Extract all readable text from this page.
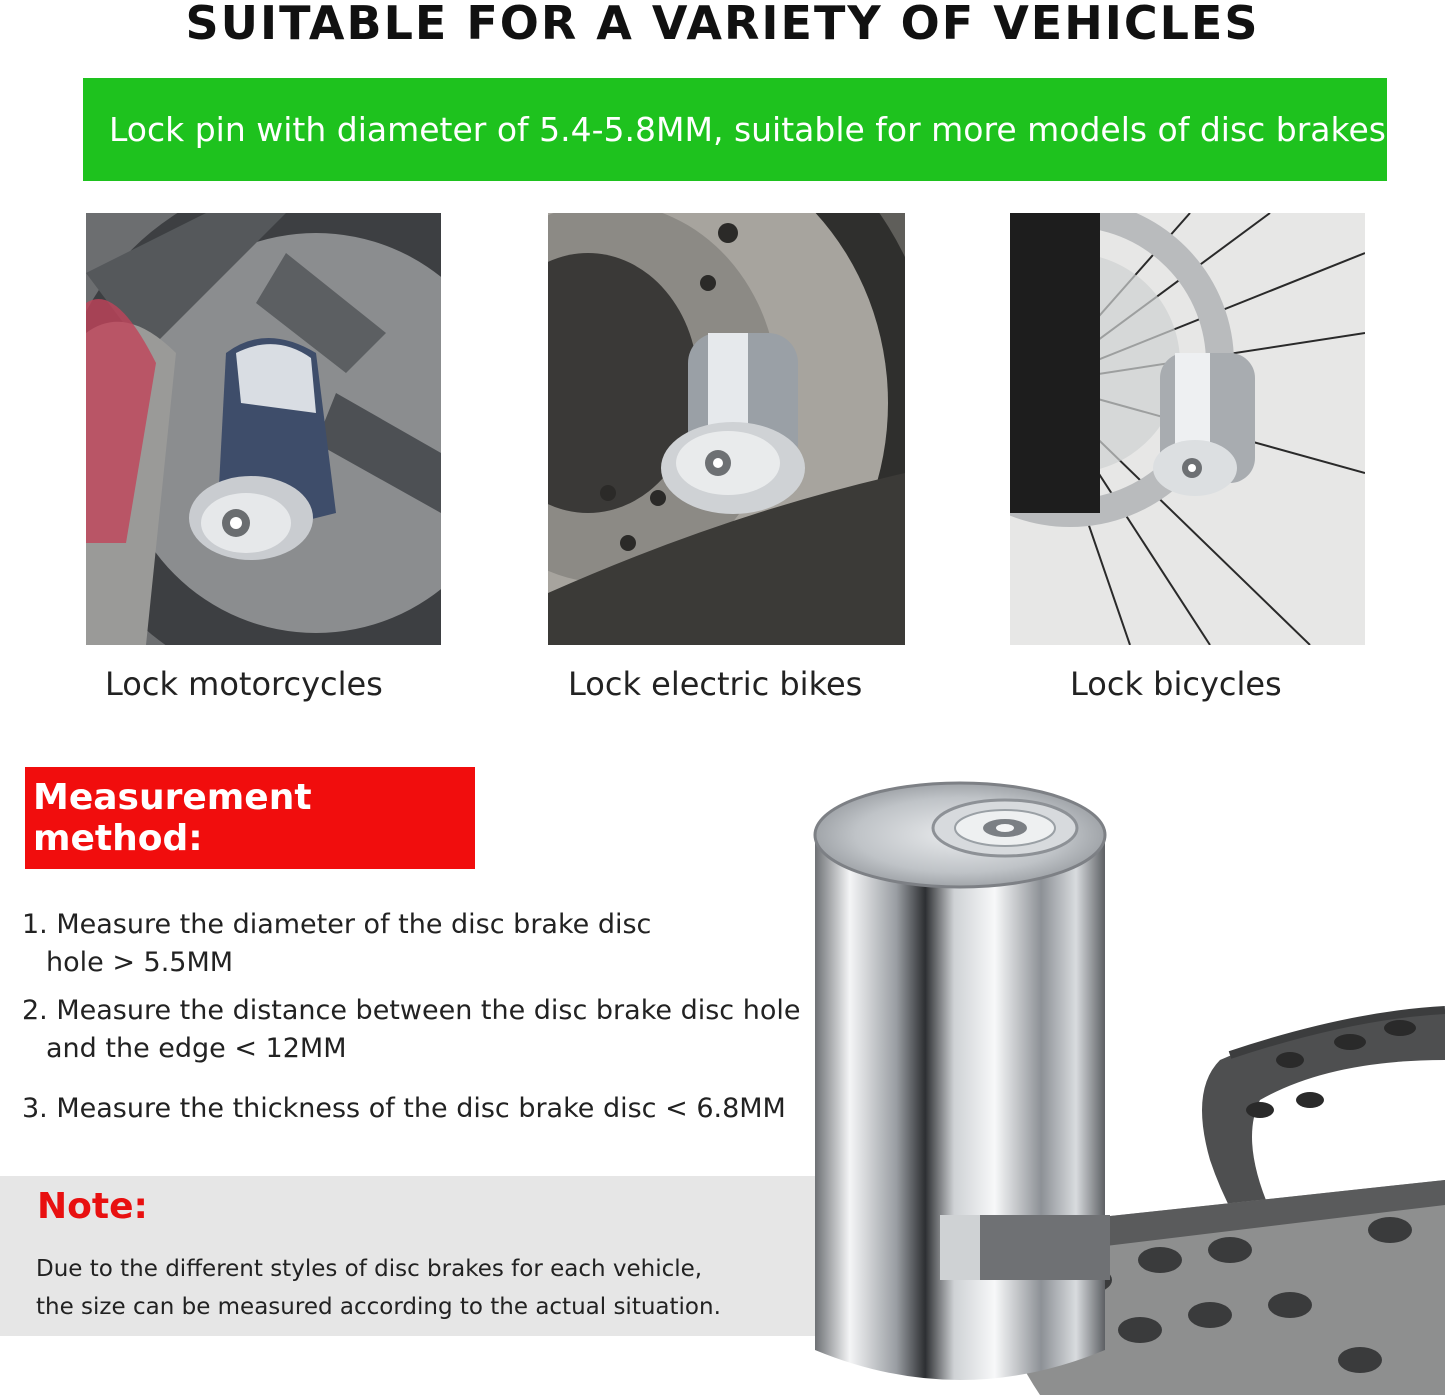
SUITABLE FOR A VARIETY OF VEHICLES
Lock pin with diameter of 5.4-5.8MM, suitable for more models of disc brakes
Lock motorcycles	Lock electric bikes	Lock bicycles
Measurement method:
1. Measure the diameter of the disc brake disc
hole > 5.5MM
2. Measure the distance between the disc brake disc hole
and the edge < 12MM
3. Measure the thickness of the disc brake disc < 6.8MM
Note:
Due to the different styles of disc brakes for each vehicle,
the size can be measured according to the actual situation.
